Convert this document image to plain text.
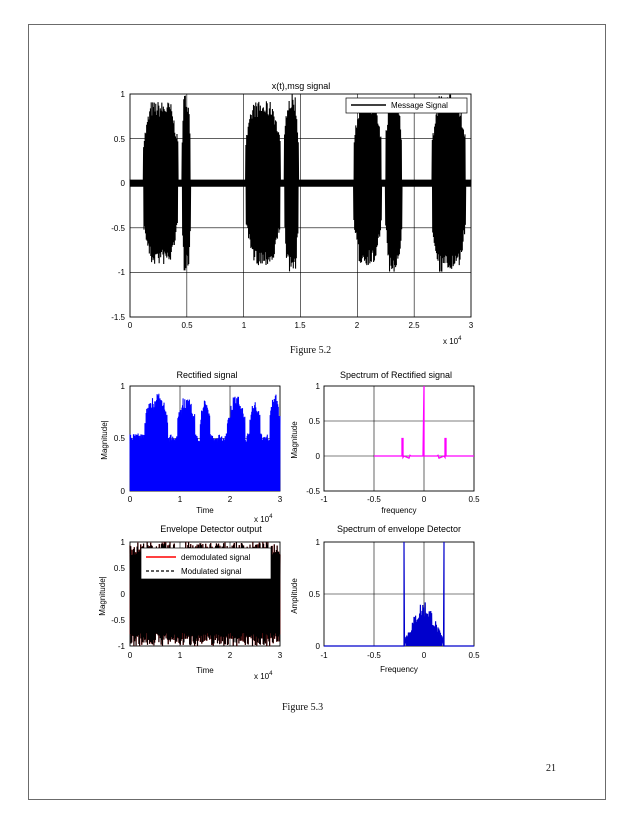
x(t),msg signal
1
0.5
0
-0.5
-1
-1.5
0	0.5	1	1.5	2	2.5	3
x $10^4$
Message Signal
Rectified signal
1
0.5
0
0	1	2	3
Time
x $10^4$
Magnitude|
Spectrum of Rectified signal
1
0.5
0
-0.5
-1	-0.5	0	0.5
frequency
Magnitude
Envelope Detector output
1
0.5
0
-0.5
-1
0	1	2	3
Time
x $10^4$
Magnitude|
demodulated signal
Modulated signal
Spectrum of envelope Detector
1
0.5
0
-1	-0.5	0	0.5
Frequency
Amplitude
Figure 5.2
Figure 5.3
21
